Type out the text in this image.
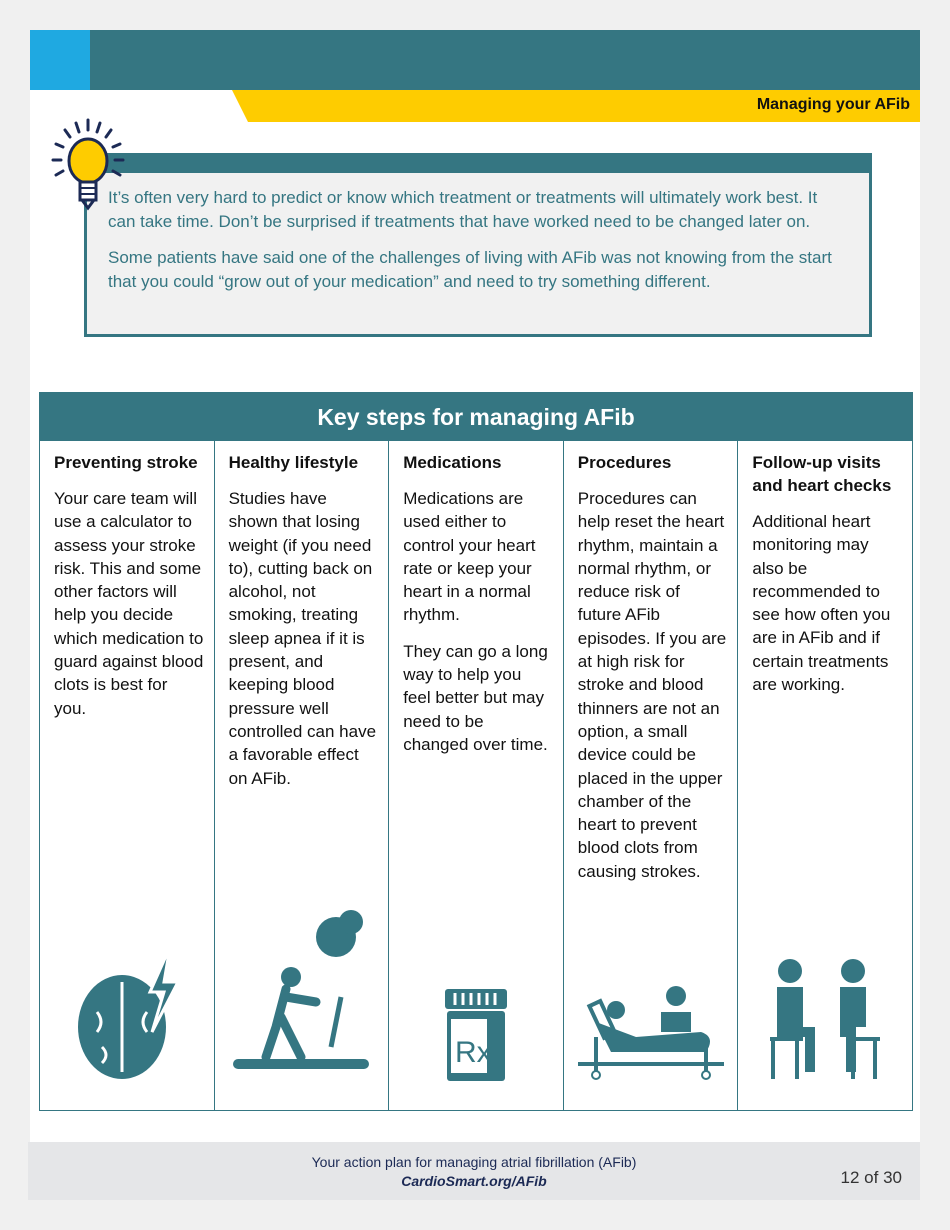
Managing your AFib

It’s often very hard to predict or know which treatment or treatments will ultimately work best. It can take time. Don’t be surprised if treatments that have worked need to be changed later on.

Some patients have said one of the challenges of living with AFib was not knowing from the start that you could “grow out of your medication” and need to try something different.

Key steps for managing AFib
Preventing stroke

Your care team will use a calculator to assess your stroke risk. This and some other factors will help you decide which medication to guard against blood clots is best for you.

Healthy lifestyle

Studies have shown that losing weight (if you need to), cutting back on alcohol, not smoking, treating sleep apnea if it is present, and keeping blood pressure well controlled can have a favorable effect on AFib.

Medications

Medications are used either to control your heart rate or keep your heart in a normal rhythm.

They can go a long way to help you feel better but may need to be changed over time.

Rx
Procedures

Procedures can help reset the heart rhythm, maintain a normal rhythm, or reduce risk of future AFib episodes. If you are at high risk for stroke and blood thinners are not an option, a small device could be placed in the upper chamber of the heart to prevent blood clots from causing strokes.

Follow-up visits and heart checks

Additional heart monitoring may also be recommended to see how often you are in AFib and if certain treatments are working.

Your action plan for managing atrial fibrillation (AFib)
CardioSmart.org/AFib	12 of 30
